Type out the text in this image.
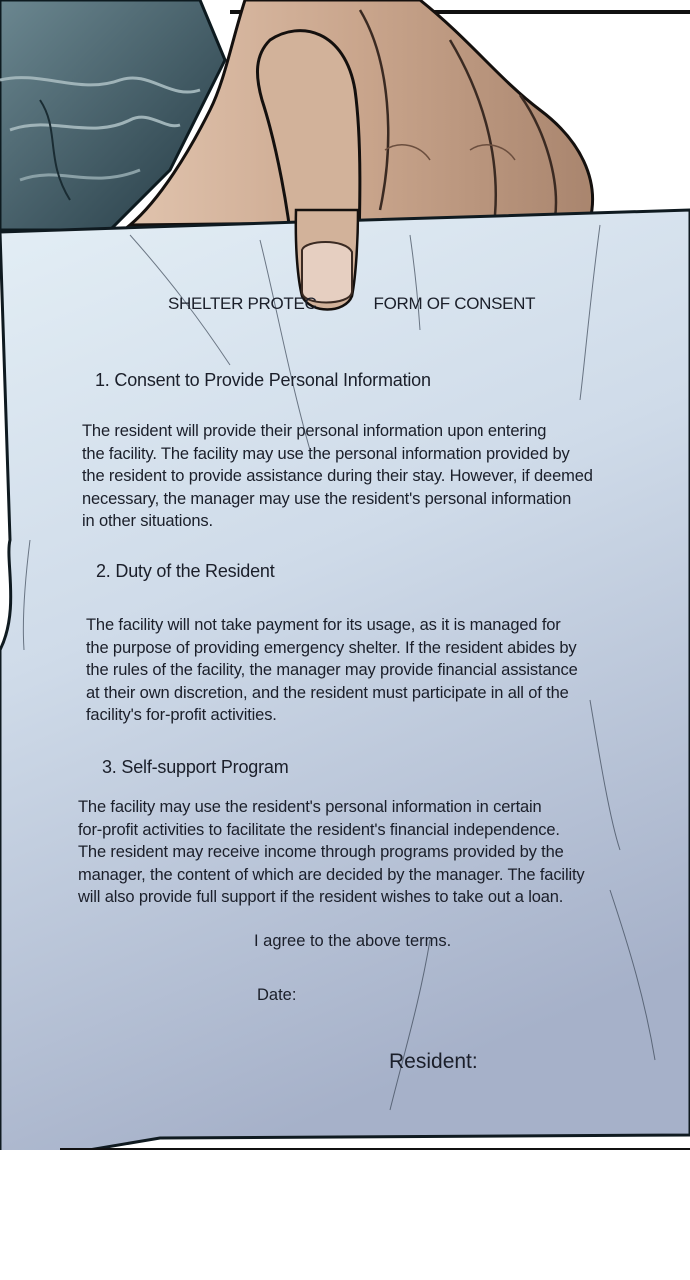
SHELTER PROTEC	FORM OF CONSENT
1. Consent to Provide Personal Information
The resident will provide their personal information upon entering
the facility. The facility may use the personal information provided by
the resident to provide assistance during their stay. However, if deemed
necessary, the manager may use the resident's personal information
in other situations.
2. Duty of the Resident
The facility will not take payment for its usage, as it is managed for
the purpose of providing emergency shelter. If the resident abides by
the rules of the facility, the manager may provide financial assistance
at their own discretion, and the resident must participate in all of the
facility's for-profit activities.
3. Self-support Program
The facility may use the resident's personal information in certain
for-profit activities to facilitate the resident's financial independence.
The resident may receive income through programs provided by the
manager, the content of which are decided by the manager. The facility
will also provide full support if the resident wishes to take out a loan.
I agree to the above terms.
Date:
Resident:
